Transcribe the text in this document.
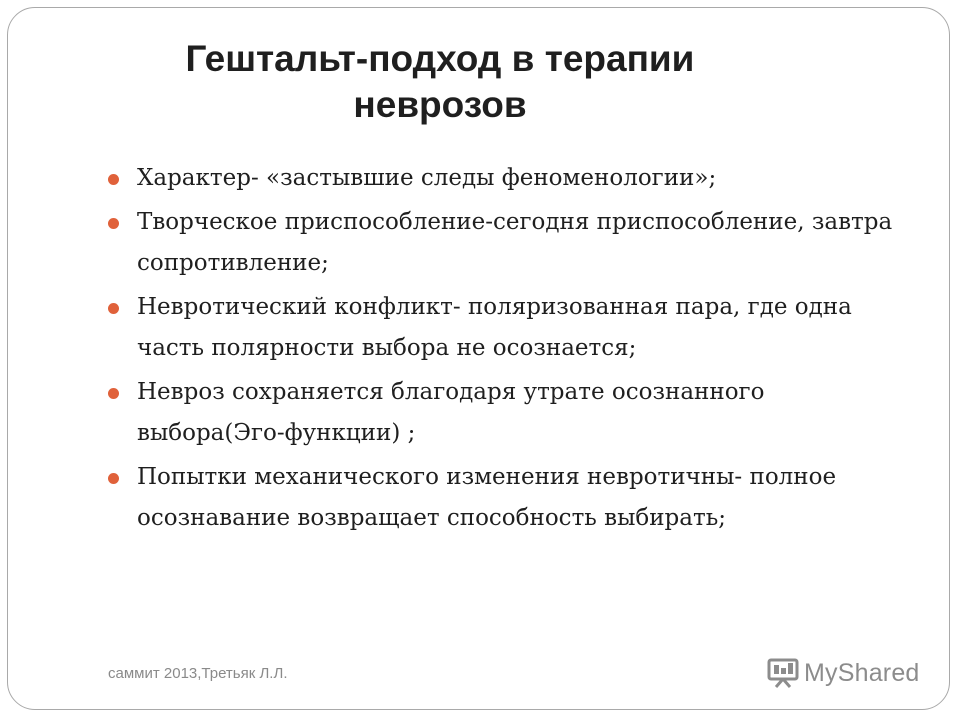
Гештальт-подход в терапии
неврозов
Характер- «застывшие следы феноменологии»;
Творческое приспособление-сегодня приспособление, завтра сопротивление;
Невротический конфликт- поляризованная пара, где одна часть полярности выбора не осознается;
Невроз сохраняется благодаря утрате осознанного выбора(Эго-функции) ;
Попытки механического изменения невротичны- полное осознавание возвращает способность выбирать;
саммит 2013,Третьяк Л.Л.	MyShared
